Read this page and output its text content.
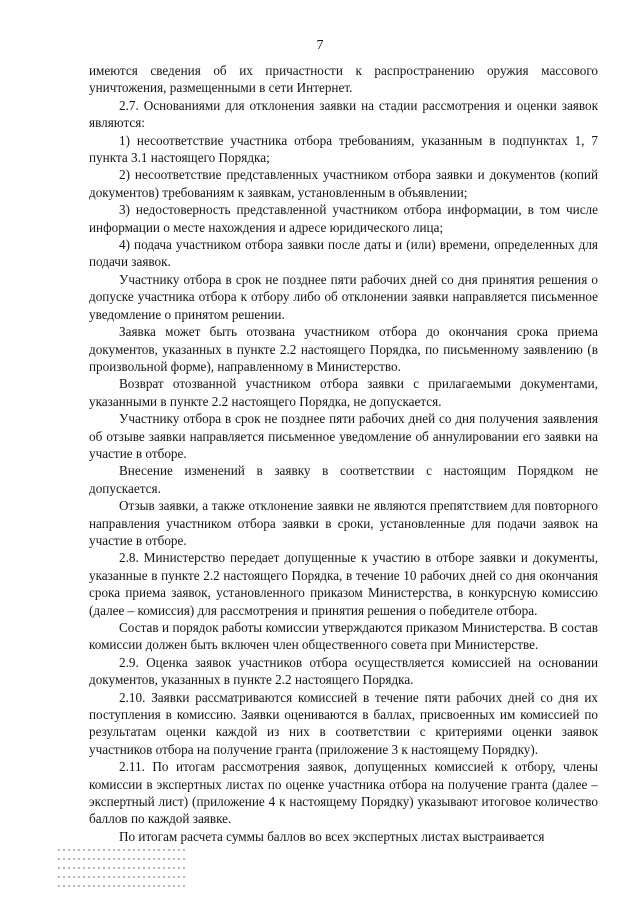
7

имеются сведения об их причастности к распространению оружия массового уничтожения, размещенными в сети Интернет.

2.7. Основаниями для отклонения заявки на стадии рассмотрения и оценки заявок являются:

1) несоответствие участника отбора требованиям, указанным в подпунктах 1, 7 пункта 3.1 настоящего Порядка;

2) несоответствие представленных участником отбора заявки и документов (копий документов) требованиям к заявкам, установленным в объявлении;

3) недостоверность представленной участником отбора информации, в том числе информации о месте нахождения и адресе юридического лица;

4) подача участником отбора заявки после даты и (или) времени, определенных для подачи заявок.

Участнику отбора в срок не позднее пяти рабочих дней со дня принятия решения о допуске участника отбора к отбору либо об отклонении заявки направляется письменное уведомление о принятом решении.

Заявка может быть отозвана участником отбора до окончания срока приема документов, указанных в пункте 2.2 настоящего Порядка, по письменному заявлению (в произвольной форме), направленному в Министерство.

Возврат отозванной участником отбора заявки с прилагаемыми документами, указанными в пункте 2.2 настоящего Порядка, не допускается.

Участнику отбора в срок не позднее пяти рабочих дней со дня получения заявления об отзыве заявки направляется письменное уведомление об аннулировании его заявки на участие в отборе.

Внесение изменений в заявку в соответствии с настоящим Порядком не допускается.

Отзыв заявки, а также отклонение заявки не являются препятствием для повторного направления участником отбора заявки в сроки, установленные для подачи заявок на участие в отборе.

2.8. Министерство передает допущенные к участию в отборе заявки и документы, указанные в пункте 2.2 настоящего Порядка, в течение 10 рабочих дней со дня окончания срока приема заявок, установленного приказом Министерства, в конкурсную комиссию (далее – комиссия) для рассмотрения и принятия решения о победителе отбора.

Состав и порядок работы комиссии утверждаются приказом Министерства. В состав комиссии должен быть включен член общественного совета при Министерстве.

2.9. Оценка заявок участников отбора осуществляется комиссией на основании документов, указанных в пункте 2.2 настоящего Порядка.

2.10. Заявки рассматриваются комиссией в течение пяти рабочих дней со дня их поступления в комиссию. Заявки оцениваются в баллах, присвоенных им комиссией по результатам оценки каждой из них в соответствии с критериями оценки заявок участников отбора на получение гранта (приложение 3 к настоящему Порядку).

2.11. По итогам рассмотрения заявок, допущенных комиссией к отбору, члены комиссии в экспертных листах по оценке участника отбора на получение гранта (далее – экспертный лист) (приложение 4 к настоящему Порядку) указывают итоговое количество баллов по каждой заявке.

По итогам расчета суммы баллов во всех экспертных листах выстраивается
